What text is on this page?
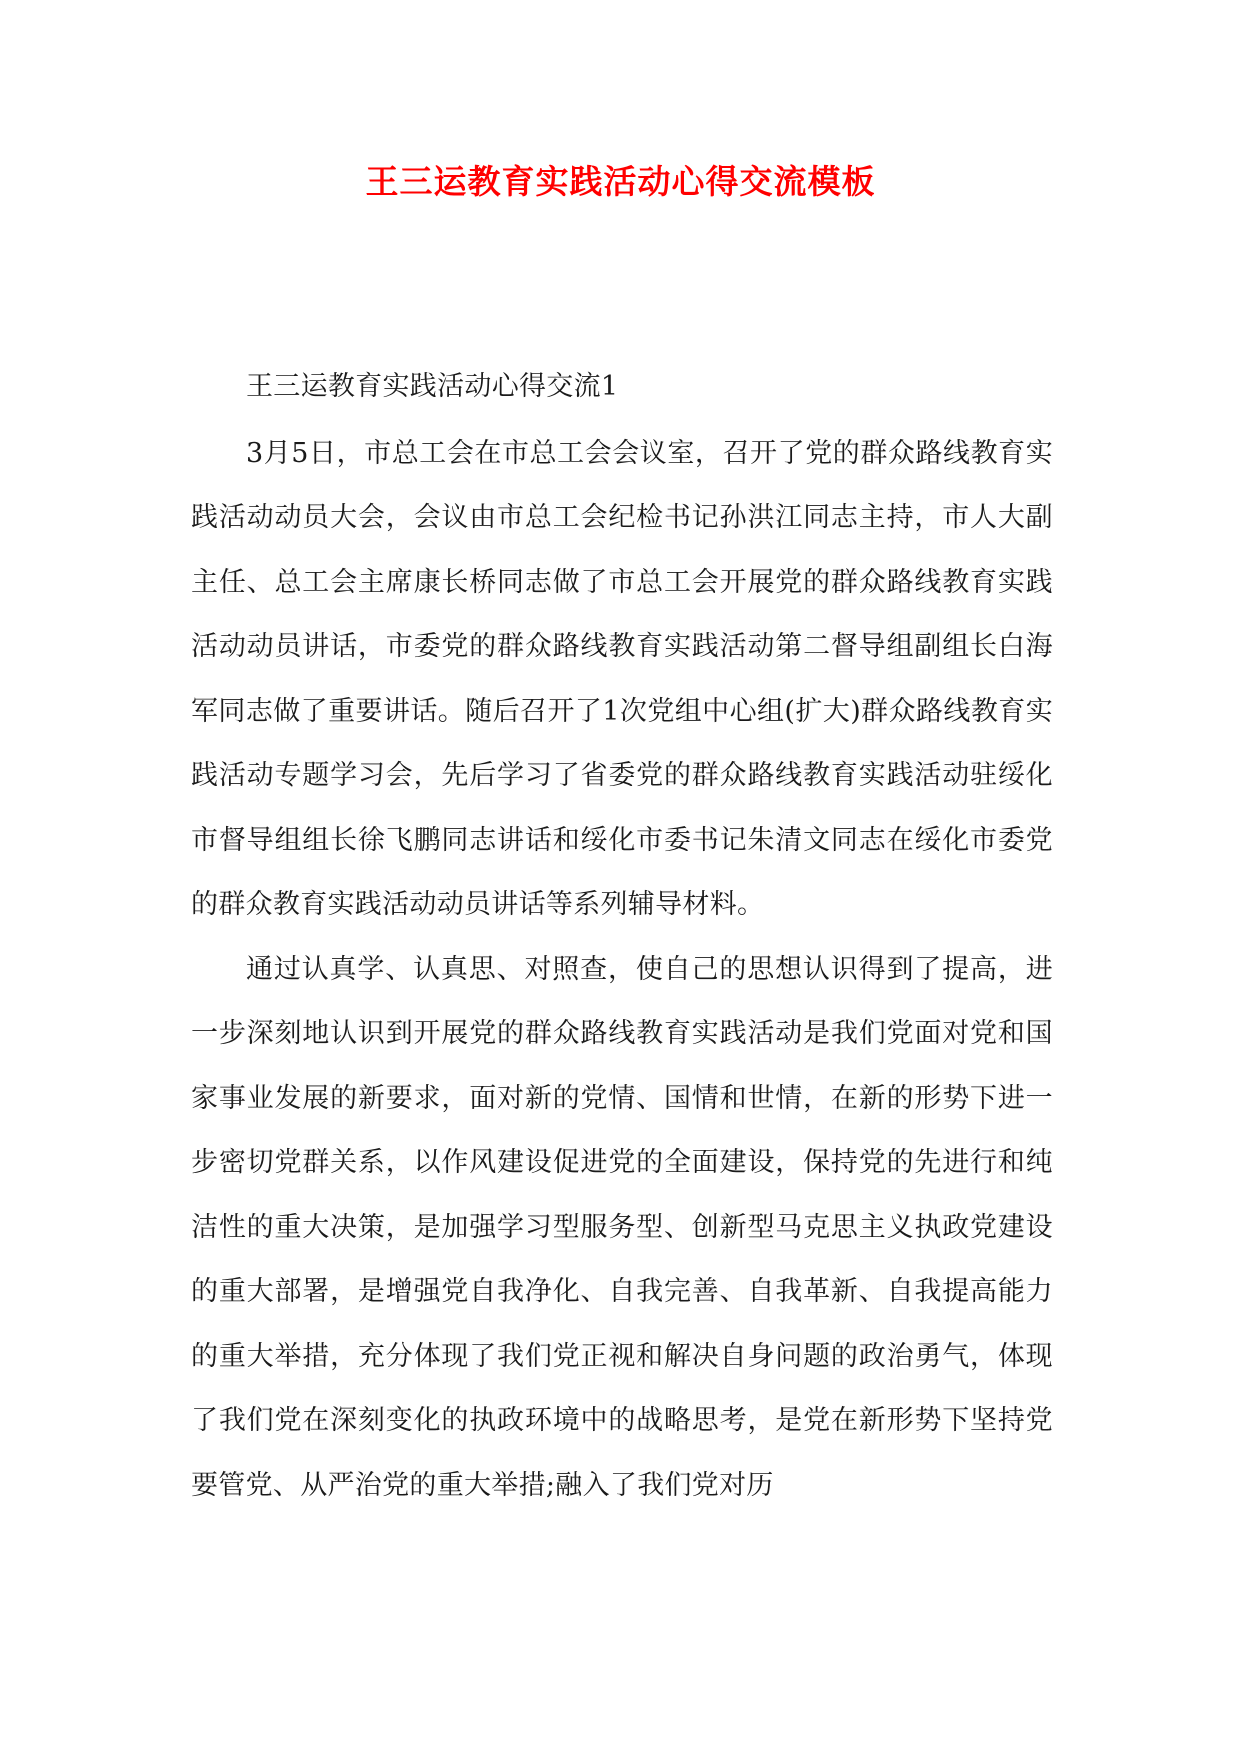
王三运教育实践活动心得交流模板

王三运教育实践活动心得交流1

3月5日，市总工会在市总工会会议室，召开了党的群众路线教育实践活动动员大会，会议由市总工会纪检书记孙洪江同志主持，市人大副主任、总工会主席康长桥同志做了市总工会开展党的群众路线教育实践活动动员讲话，市委党的群众路线教育实践活动第二督导组副组长白海军同志做了重要讲话。随后召开了1次党组中心组(扩大)群众路线教育实践活动专题学习会，先后学习了省委党的群众路线教育实践活动驻绥化市督导组组长徐飞鹏同志讲话和绥化市委书记朱清文同志在绥化市委党的群众教育实践活动动员讲话等系列辅导材料。

通过认真学、认真思、对照查，使自己的思想认识得到了提高，进一步深刻地认识到开展党的群众路线教育实践活动是我们党面对党和国家事业发展的新要求，面对新的党情、国情和世情，在新的形势下进一步密切党群关系，以作风建设促进党的全面建设，保持党的先进行和纯洁性的重大决策，是加强学习型服务型、创新型马克思主义执政党建设的重大部署，是增强党自我净化、自我完善、自我革新、自我提高能力的重大举措，充分体现了我们党正视和解决自身问题的政治勇气，体现了我们党在深刻变化的执政环境中的战略思考，是党在新形势下坚持党要管党、从严治党的重大举措;融入了我们党对历
